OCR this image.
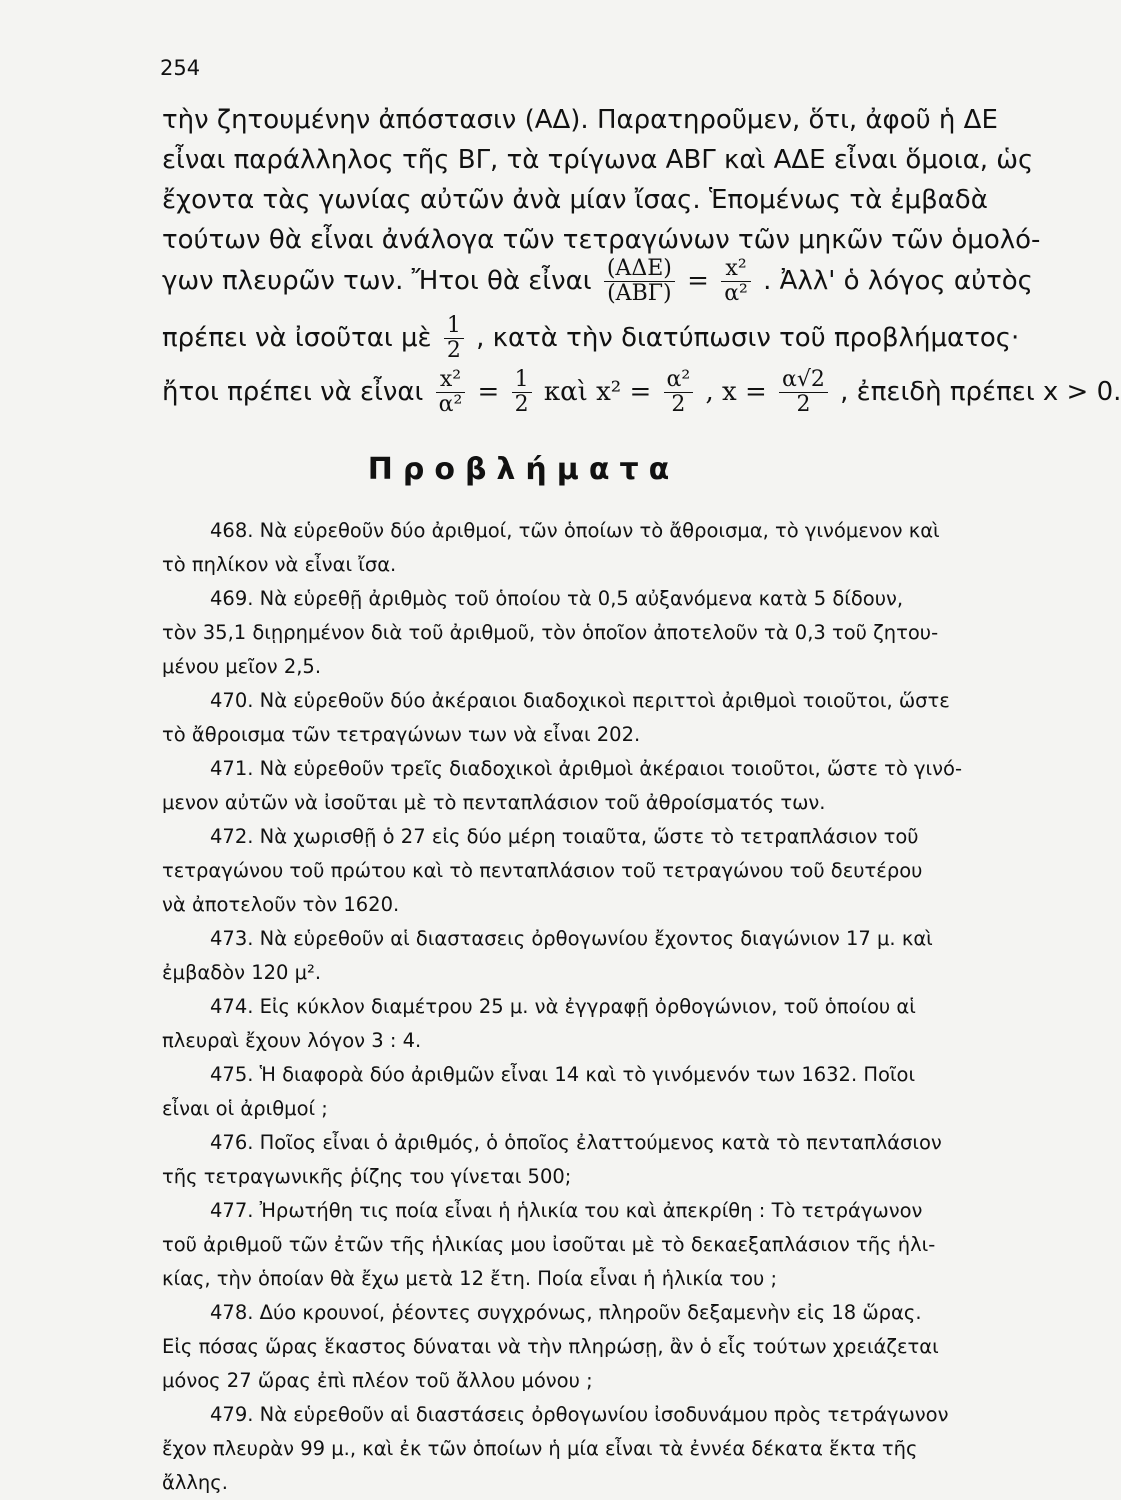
254
τὴν ζητουμένην ἀπόστασιν (ΑΔ). Παρατηροῦμεν, ὅτι, ἀφοῦ ἡ ΔΕ
εἶναι παράλληλος τῆς ΒΓ, τὰ τρίγωνα ΑΒΓ καὶ ΑΔΕ εἶναι ὅμοια, ὡς
ἔχοντα τὰς γωνίας αὐτῶν ἀνὰ μίαν ἴσας. Ἑπομένως τὰ ἐμβαδὰ
τούτων θὰ εἶναι ἀνάλογα τῶν τετραγώνων τῶν μηκῶν τῶν ὁμολό-
γων πλευρῶν των. Ἤτοι θὰ εἶναι $\frac{\text{(ΑΔΕ)}}{\text{(ΑΒΓ)}} = \frac{\text{x²}}{\text{α²}}$ . Ἀλλ' ὁ λόγος αὐτὸς
πρέπει νὰ ἰσοῦται μὲ $\frac{1}{2}$ , κατὰ τὴν διατύπωσιν τοῦ προβλήματος·
ἤτοι πρέπει νὰ εἶναι $\frac{\text{x²}}{\text{α²}} = \frac{1}{2}$ καὶ $x^2 = \frac{\text{α²}}{2}$ , $x = \frac{\alpha√2}{2}$ , ἐπειδὴ πρέπει x > 0.
Προβλήματα
468. Νὰ εὑρεθοῦν δύο ἀριθμοί, τῶν ὁποίων τὸ ἄθροισμα, τὸ γινόμενον καὶ
τὸ πηλίκον νὰ εἶναι ἴσα.
469. Νὰ εὑρεθῇ ἀριθμὸς τοῦ ὁποίου τὰ 0,5 αὐξανόμενα κατὰ 5 δίδουν,
τὸν 35,1 διῃρημένον διὰ τοῦ ἀριθμοῦ, τὸν ὁποῖον ἀποτελοῦν τὰ 0,3 τοῦ ζητου-
μένου μεῖον 2,5.
470. Νὰ εὑρεθοῦν δύο ἀκέραιοι διαδοχικοὶ περιττοὶ ἀριθμοὶ τοιοῦτοι, ὥστε
τὸ ἄθροισμα τῶν τετραγώνων των νὰ εἶναι 202.
471. Νὰ εὑρεθοῦν τρεῖς διαδοχικοὶ ἀριθμοὶ ἀκέραιοι τοιοῦτοι, ὥστε τὸ γινό-
μενον αὐτῶν νὰ ἰσοῦται μὲ τὸ πενταπλάσιον τοῦ ἀθροίσματός των.
472. Νὰ χωρισθῇ ὁ 27 εἰς δύο μέρη τοιαῦτα, ὥστε τὸ τετραπλάσιον τοῦ
τετραγώνου τοῦ πρώτου καὶ τὸ πενταπλάσιον τοῦ τετραγώνου τοῦ δευτέρου
νὰ ἀποτελοῦν τὸν 1620.
473. Νὰ εὑρεθοῦν αἱ διαστασεις ὀρθογωνίου ἔχοντος διαγώνιον 17 μ. καὶ
ἐμβαδὸν 120 μ².
474. Εἰς κύκλον διαμέτρου 25 μ. νὰ ἐγγραφῇ ὀρθογώνιον, τοῦ ὁποίου αἱ
πλευραὶ ἔχουν λόγον 3 : 4.
475. Ἡ διαφορὰ δύο ἀριθμῶν εἶναι 14 καὶ τὸ γινόμενόν των 1632. Ποῖοι
εἶναι οἱ ἀριθμοί ;
476. Ποῖος εἶναι ὁ ἀριθμός, ὁ ὁποῖος ἐλαττούμενος κατὰ τὸ πενταπλάσιον
τῆς τετραγωνικῆς ῥίζης του γίνεται 500;
477. Ἠρωτήθη τις ποία εἶναι ἡ ἡλικία του καὶ ἀπεκρίθη : Τὸ τετράγωνον
τοῦ ἀριθμοῦ τῶν ἐτῶν τῆς ἡλικίας μου ἰσοῦται μὲ τὸ δεκαεξαπλάσιον τῆς ἡλι-
κίας, τὴν ὁποίαν θὰ ἔχω μετὰ 12 ἔτη. Ποία εἶναι ἡ ἡλικία του ;
478. Δύο κρουνοί, ῥέοντες συγχρόνως, πληροῦν δεξαμενὴν εἰς 18 ὥρας.
Εἰς πόσας ὥρας ἕκαστος δύναται νὰ τὴν πληρώσῃ, ἂν ὁ εἷς τούτων χρειάζεται
μόνος 27 ὥρας ἐπὶ πλέον τοῦ ἄλλου μόνου ;
479. Νὰ εὑρεθοῦν αἱ διαστάσεις ὀρθογωνίου ἰσοδυνάμου πρὸς τετράγωνον
ἔχον πλευρὰν 99 μ., καὶ ἐκ τῶν ὁποίων ἡ μία εἶναι τὰ ἐννέα δέκατα ἕκτα τῆς
ἄλλης.
